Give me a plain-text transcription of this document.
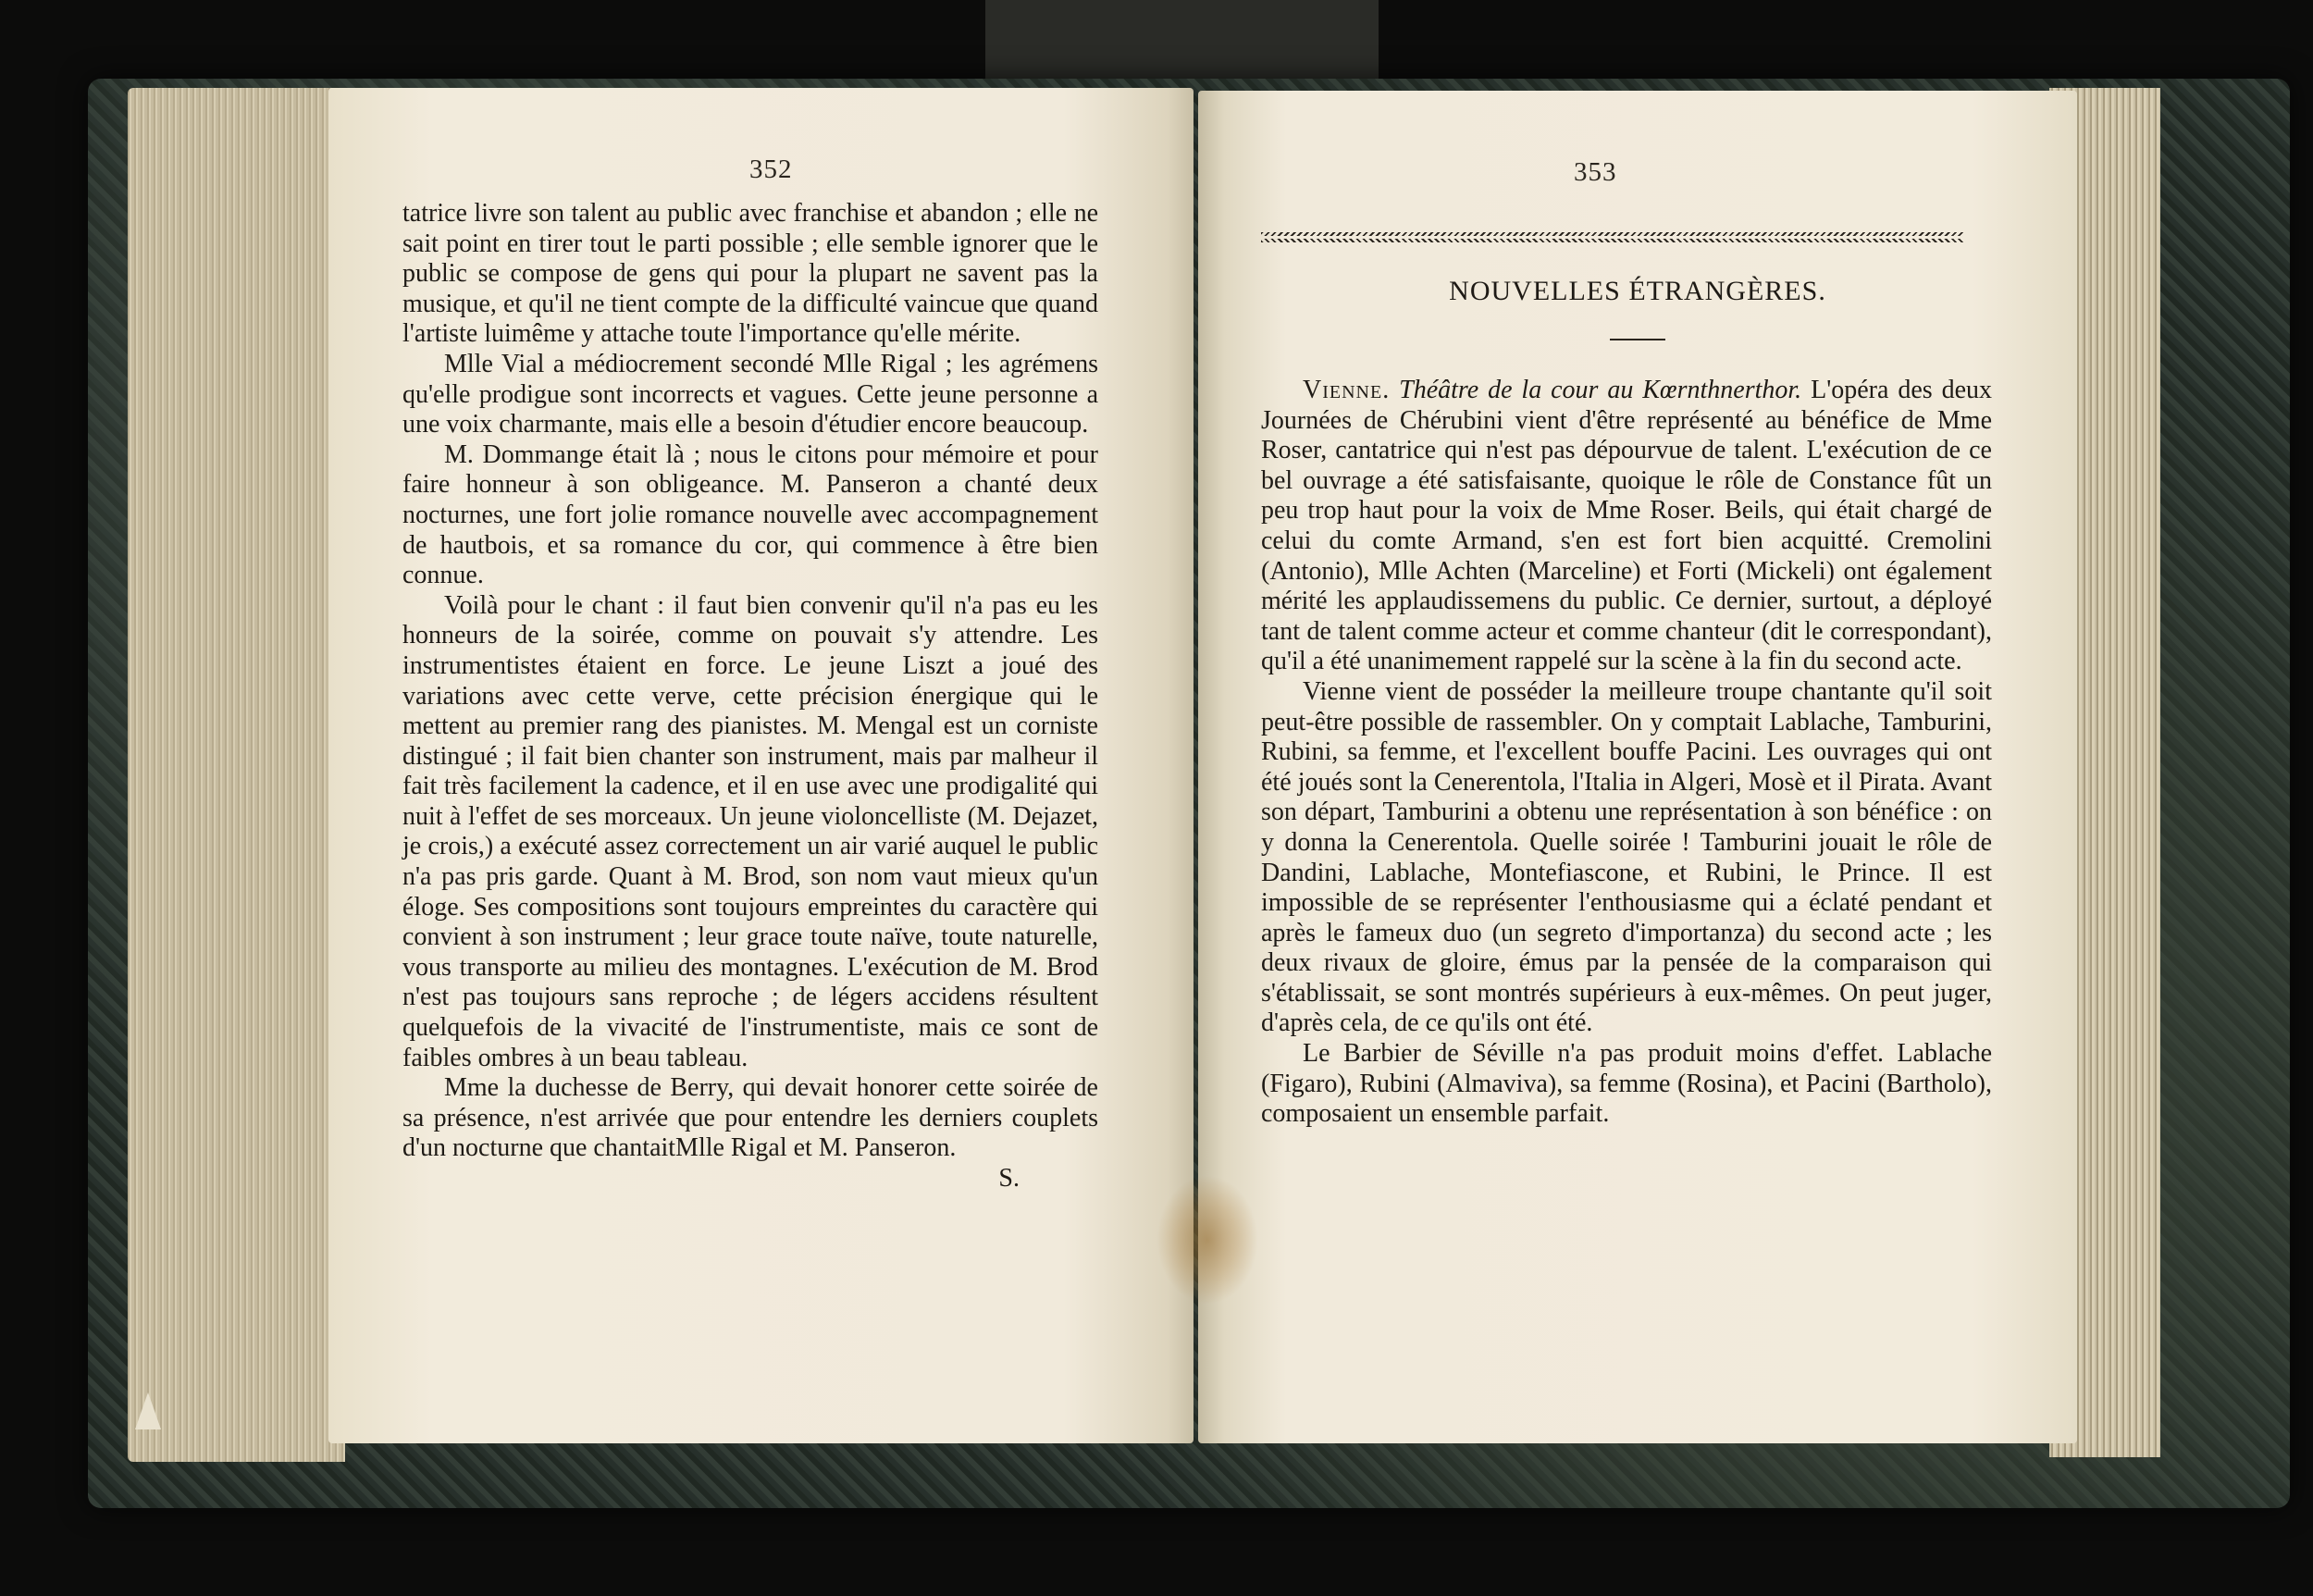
352

tatrice livre son talent au public avec franchise et abandon ; elle ne sait point en tirer tout le parti possible ; elle semble ignorer que le public se compose de gens qui pour la plupart ne savent pas la musique, et qu'il ne tient compte de la difficulté vaincue que quand l'artiste luimême y attache toute l'importance qu'elle mérite.

Mlle Vial a médiocrement secondé Mlle Rigal ; les agrémens qu'elle prodigue sont incorrects et vagues. Cette jeune personne a une voix charmante, mais elle a besoin d'étudier encore beaucoup.

M. Dommange était là ; nous le citons pour mémoire et pour faire honneur à son obligeance. M. Panseron a chanté deux nocturnes, une fort jolie romance nouvelle avec accompagnement de hautbois, et sa romance du cor, qui commence à être bien connue.

Voilà pour le chant : il faut bien convenir qu'il n'a pas eu les honneurs de la soirée, comme on pouvait s'y attendre. Les instrumentistes étaient en force. Le jeune Liszt a joué des variations avec cette verve, cette précision énergique qui le mettent au premier rang des pianistes. M. Mengal est un corniste distingué ; il fait bien chanter son instrument, mais par malheur il fait très facilement la cadence, et il en use avec une prodigalité qui nuit à l'effet de ses morceaux. Un jeune violoncelliste (M. Dejazet, je crois,) a exécuté assez correctement un air varié auquel le public n'a pas pris garde. Quant à M. Brod, son nom vaut mieux qu'un éloge. Ses compositions sont toujours empreintes du caractère qui convient à son instrument ; leur grace toute naïve, toute naturelle, vous transporte au milieu des montagnes. L'exécution de M. Brod n'est pas toujours sans reproche ; de légers accidens résultent quelquefois de la vivacité de l'instrumentiste, mais ce sont de faibles ombres à un beau tableau.

Mme la duchesse de Berry, qui devait honorer cette soirée de sa présence, n'est arrivée que pour entendre les derniers couplets d'un nocturne que chantaitMlle Rigal et M. Panseron.

S.

353
NOUVELLES ÉTRANGÈRES.

Vienne. Théâtre de la cour au Kœrnthnerthor. L'opéra des deux Journées de Chérubini vient d'être représenté au bénéfice de Mme Roser, cantatrice qui n'est pas dépourvue de talent. L'exécution de ce bel ouvrage a été satisfaisante, quoique le rôle de Constance fût un peu trop haut pour la voix de Mme Roser. Beils, qui était chargé de celui du comte Armand, s'en est fort bien acquitté. Cremolini (Antonio), Mlle Achten (Marceline) et Forti (Mickeli) ont également mérité les applaudissemens du public. Ce dernier, surtout, a déployé tant de talent comme acteur et comme chanteur (dit le correspondant), qu'il a été unanimement rappelé sur la scène à la fin du second acte.

Vienne vient de posséder la meilleure troupe chantante qu'il soit peut-être possible de rassembler. On y comptait Lablache, Tamburini, Rubini, sa femme, et l'excellent bouffe Pacini. Les ouvrages qui ont été joués sont la Cenerentola, l'Italia in Algeri, Mosè et il Pirata. Avant son départ, Tamburini a obtenu une représentation à son bénéfice : on y donna la Cenerentola. Quelle soirée ! Tamburini jouait le rôle de Dandini, Lablache, Montefiascone, et Rubini, le Prince. Il est impossible de se représenter l'enthousiasme qui a éclaté pendant et après le fameux duo (un segreto d'importanza) du second acte ; les deux rivaux de gloire, émus par la pensée de la comparaison qui s'établissait, se sont montrés supérieurs à eux-mêmes. On peut juger, d'après cela, de ce qu'ils ont été.

Le Barbier de Séville n'a pas produit moins d'effet. Lablache (Figaro), Rubini (Almaviva), sa femme (Rosina), et Pacini (Bartholo), composaient un ensemble parfait.
